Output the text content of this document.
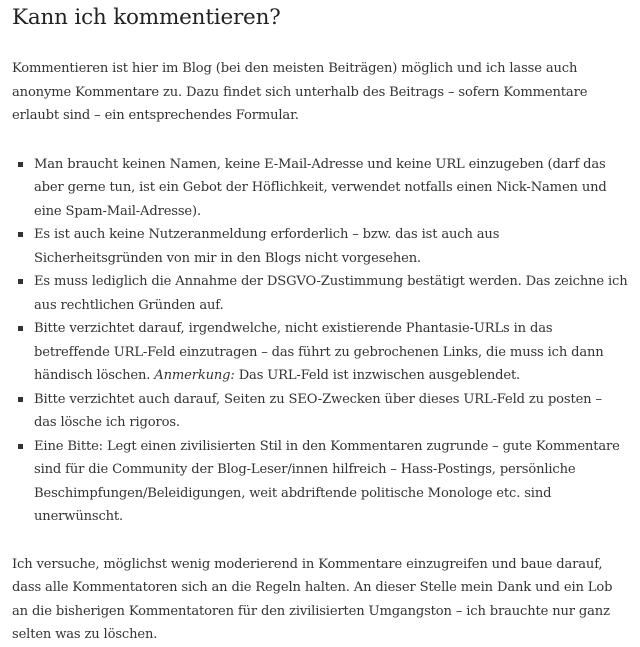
Kann ich kommentieren?

Kommentieren ist hier im Blog (bei den meisten Beiträgen) möglich und ich lasse auch anonyme Kommentare zu. Dazu findet sich unterhalb des Beitrags – sofern Kommentare erlaubt sind – ein entsprechendes Formular.

Man braucht keinen Namen, keine E-Mail-Adresse und keine URL einzugeben (darf das aber gerne tun, ist ein Gebot der Höflichkeit, verwendet notfalls einen Nick-Namen und eine Spam-Mail-Adresse).
Es ist auch keine Nutzeranmeldung erforderlich – bzw. das ist auch aus Sicherheitsgründen von mir in den Blogs nicht vorgesehen.
Es muss lediglich die Annahme der DSGVO-Zustimmung bestätigt werden. Das zeichne ich aus rechtlichen Gründen auf.
Bitte verzichtet darauf, irgendwelche, nicht existierende Phantasie-URLs in das betreffende URL-Feld einzutragen – das führt zu gebrochenen Links, die muss ich dann händisch löschen. Anmerkung: Das URL-Feld ist inzwischen ausgeblendet.
Bitte verzichtet auch darauf, Seiten zu SEO-Zwecken über dieses URL-Feld zu posten – das lösche ich rigoros.
Eine Bitte: Legt einen zivilisierten Stil in den Kommentaren zugrunde – gute Kommentare sind für die Community der Blog-Leser/innen hilfreich – Hass-Postings, persönliche Beschimpfungen/Beleidigungen, weit abdriftende politische Monologe etc. sind unerwünscht.

Ich versuche, möglichst wenig moderierend in Kommentare einzugreifen und baue darauf, dass alle Kommentatoren sich an die Regeln halten. An dieser Stelle mein Dank und ein Lob an die bisherigen Kommentatoren für den zivilisierten Umgangston – ich brauchte nur ganz selten was zu löschen.
